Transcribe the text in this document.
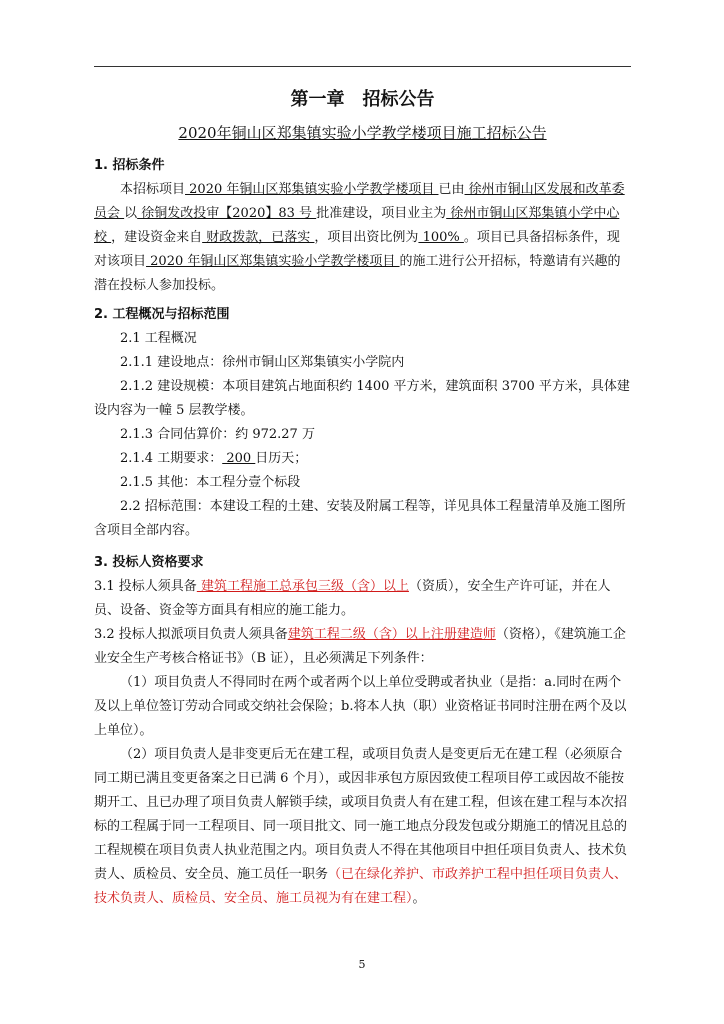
第一章　招标公告
2020年铜山区郑集镇实验小学教学楼项目施工招标公告
1. 招标条件

本招标项目 2020 年铜山区郑集镇实验小学教学楼项目 已由 徐州市铜山区发展和改革委员会 以 徐铜发改投审【2020】83 号 批准建设，项目业主为 徐州市铜山区郑集镇小学中心校 ，建设资金来自 财政拨款，已落实 ，项目出资比例为 100% 。项目已具备招标条件，现对该项目 2020 年铜山区郑集镇实验小学教学楼项目 的施工进行公开招标，特邀请有兴趣的潜在投标人参加投标。

2. 工程概况与招标范围

2.1 工程概况

2.1.1 建设地点：徐州市铜山区郑集镇实小学院内

2.1.2 建设规模：本项目建筑占地面积约 1400 平方米，建筑面积 3700 平方米，具体建设内容为一幢 5 层教学楼。

2.1.3 合同估算价：约 972.27 万

2.1.4 工期要求： 200 日历天；

2.1.5 其他：本工程分壹个标段

2.2 招标范围：本建设工程的土建、安装及附属工程等，详见具体工程量清单及施工图所含项目全部内容。

3. 投标人资格要求

3.1 投标人须具备 建筑工程施工总承包三级（含）以上（资质），安全生产许可证，并在人员、设备、资金等方面具有相应的施工能力。

3.2 投标人拟派项目负责人须具备建筑工程二级（含）以上注册建造师（资格），《建筑施工企业安全生产考核合格证书》（B 证），且必须满足下列条件：

（1）项目负责人不得同时在两个或者两个以上单位受聘或者执业（是指：a.同时在两个及以上单位签订劳动合同或交纳社会保险；b.将本人执（职）业资格证书同时注册在两个及以上单位）。

（2）项目负责人是非变更后无在建工程，或项目负责人是变更后无在建工程（必须原合同工期已满且变更备案之日已满 6 个月），或因非承包方原因致使工程项目停工或因故不能按期开工、且已办理了项目负责人解锁手续，或项目负责人有在建工程，但该在建工程与本次招标的工程属于同一工程项目、同一项目批文、同一施工地点分段发包或分期施工的情况且总的工程规模在项目负责人执业范围之内。项目负责人不得在其他项目中担任项目负责人、技术负责人、质检员、安全员、施工员任一职务（已在绿化养护、市政养护工程中担任项目负责人、技术负责人、质检员、安全员、施工员视为有在建工程）。

5
